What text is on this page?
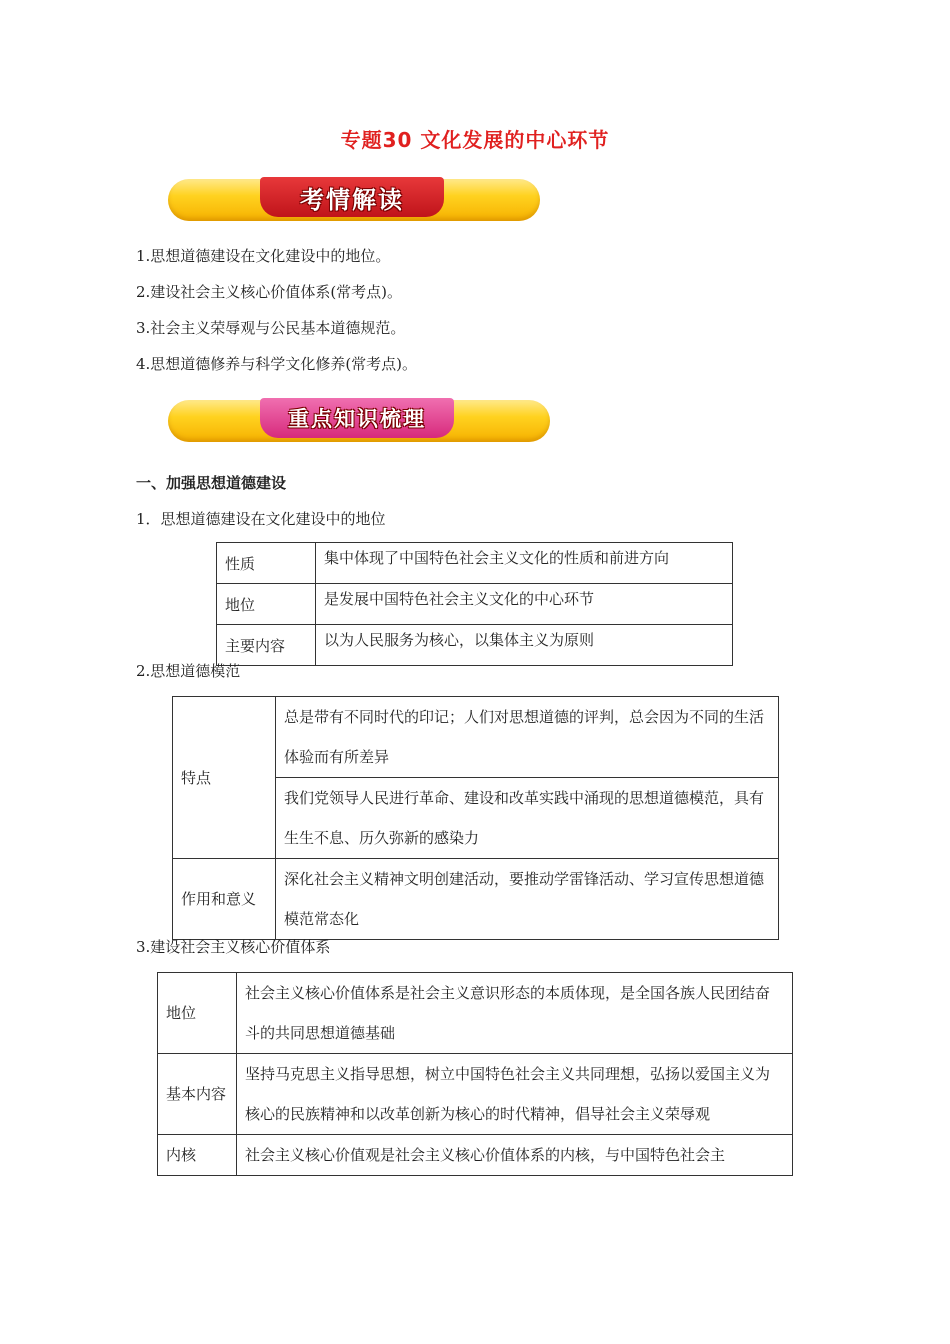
专题30 文化发展的中心环节
考情解读
1.思想道德建设在文化建设中的地位。
2.建设社会主义核心价值体系(常考点)。
3.社会主义荣辱观与公民基本道德规范。
4.思想道德修养与科学文化修养(常考点)。
重点知识梳理
一、加强思想道德建设
1．思想道德建设在文化建设中的地位
性质	集中体现了中国特色社会主义文化的性质和前进方向
地位	是发展中国特色社会主义文化的中心环节
主要内容	以为人民服务为核心，以集体主义为原则
2.思想道德模范
特点	总是带有不同时代的印记；人们对思想道德的评判，总会因为不同的生活体验而有所差异
	我们党领导人民进行革命、建设和改革实践中涌现的思想道德模范，具有生生不息、历久弥新的感染力
作用和意义	深化社会主义精神文明创建活动，要推动学雷锋活动、学习宣传思想道德模范常态化
3.建设社会主义核心价值体系
地位	社会主义核心价值体系是社会主义意识形态的本质体现，是全国各族人民团结奋斗的共同思想道德基础
基本内容	坚持马克思主义指导思想，树立中国特色社会主义共同理想，弘扬以爱国主义为核心的民族精神和以改革创新为核心的时代精神，倡导社会主义荣辱观
内核	社会主义核心价值观是社会主义核心价值体系的内核，与中国特色社会主
